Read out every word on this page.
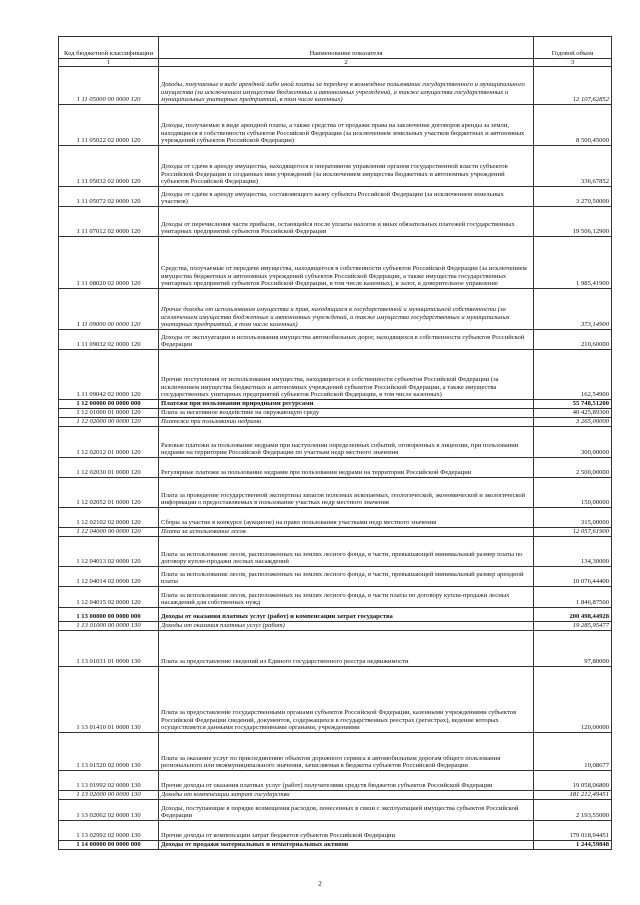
Код бюджетной классификации	Наименование показателя	Годовой объем
1	2	3
1 11 05000 00 0000 120	Доходы, получаемые в виде арендной либо иной платы за передачу в возмездное пользование государственного и муниципального имущества (за исключением имущества бюджетных и автономных учреждений, а также имущества государственных и муниципальных унитарных предприятий, в том числе казенных)	12 107,62852
1 11 05022 02 0000 120	Доходы, получаемые в виде арендной платы, а также средства от продажи права на заключение договоров аренды за земли, находящиеся в собственности субъектов Российской Федерации (за исключением земельных участков бюджетных и автономных учреждений субъектов Российской Федерации)	8 500,45000
1 11 05032 02 0000 120	Доходы от сдачи в аренду имущества, находящегося в оперативном управлении органов государственной власти субъектов Российской Федерации и созданных ими учреждений (за исключением имущества бюджетных и автономных учреждений субъектов Российской Федерации)	336,67852
1 11 05072 02 0000 120	Доходы от сдачи в аренду имущества, составляющего казну субъекта Российской Федерации (за исключением земельных участков)	3 270,50000
1 11 07012 02 0000 120	Доходы от перечисления части прибыли, остающейся после уплаты налогов и иных обязательных платежей государственных унитарных предприятий субъектов Российской Федерации	19 506,12900
1 11 08020 02 0000 120	Средства, получаемые от передачи имущества, находящегося в собственности субъектов Российской Федерации (за исключением имущества бюджетных и автономных учреждений субъектов Российской Федерации, а также имущества государственных унитарных предприятий субъектов Российской Федерации, в том числе казенных), в залог, в доверительное управление	1 985,41900
1 11 09000 00 0000 120	Прочие доходы от использования имущества и прав, находящихся в государственной и муниципальной собственности (за исключением имущества бюджетных и автономных учреждений, а также имущества государственных и муниципальных унитарных предприятий, в том числе казенных)	373,14900
1 11 09032 02 0000 120	Доходы от эксплуатации и использования имущества автомобильных дорог, находящихся в собственности субъектов Российской Федерации	210,60000
1 11 09042 02 0000 120	Прочие поступления от использования имущества, находящегося в собственности субъектов Российской Федерации (за исключением имущества бюджетных и автономных учреждений субъектов Российской Федерации, а также имущества государственных унитарных предприятий субъектов Российской Федерации, в том числе казенных)	162,54900
1 12 00000 00 0000 000	Платежи при пользовании природными ресурсами	55 748,51200
1 12 01000 01 0000 120	Плата за негативное воздействие на окружающую среду	40 425,89300
1 12 02000 00 0000 120	Платежи при пользовании недрами	3 265,00000
1 12 02012 01 0000 120	Разовые платежи за пользование недрами при наступлении определенных событий, оговоренных в лицензии, при пользовании недрами на территории Российской Федерации по участкам недр местного значения	300,00000
1 12 02030 01 0000 120	Регулярные платежи за пользование недрами при пользовании недрами на территории Российской Федерации	2 500,00000
1 12 02052 01 0000 120	Плата за проведение государственной экспертизы запасов полезных ископаемых, геологической, экономической и экологической информации о предоставляемых в пользование участках недр местного значения	150,00000
1 12 02102 02 0000 120	Сборы за участие в конкурсе (аукционе) на право пользования участками недр местного значения	315,00000
1 12 04000 00 0000 120	Плата за использование лесов	12 057,61900
1 12 04013 02 0000 120	Плата за использование лесов, расположенных на землях лесного фонда, в части, превышающей минимальный размер платы по договору купли-продажи лесных насаждений	134,30000
1 12 04014 02 0000 120	Плата за использование лесов, расположенных на землях лесного фонда, в части, превышающей минимальный размер арендной платы	10 076,44400
1 12 04015 02 0000 120	Плата за использование лесов, расположенных на землях лесного фонда, в части платы по договору купли-продажи лесных насаждений для собственных нужд	1 846,87500
1 13 00000 00 0000 000	Доходы от оказания платных услуг (работ) и компенсации затрат государства	200 498,44928
1 13 01000 00 0000 130	Доходы от оказания платных услуг (работ)	19 285,95477
1 13 01031 01 0000 130	Плата за предоставление сведений из Единого государственного реестра недвижимости	97,80000
1 13 01410 01 0000 130	Плата за предоставление государственными органами субъектов Российской Федерации, казенными учреждениями субъектов Российской Федерации сведений, документов, содержащихся в государственных реестрах (регистрах), ведение которых осуществляется данными государственными органами, учреждениями	120,00000
1 13 01520 02 0000 130	Плата за оказание услуг по присоединению объектов дорожного сервиса к автомобильным дорогам общего пользования регионального или межмуниципального значения, зачисляемая в бюджеты субъектов Российской Федерации	10,08677
1 13 01992 02 0000 130	Прочие доходы от оказания платных услуг (работ) получателями средств бюджетов субъектов Российской Федерации	19 058,06800
1 13 02000 00 0000 130	Доходы от компенсации затрат государства	181 212,49451
1 13 02062 02 0000 130	Доходы, поступающие в порядке возмещения расходов, понесенных в связи с эксплуатацией имущества субъектов Российской Федерации	2 193,55000
1 13 02992 02 0000 130	Прочие доходы от компенсации затрат бюджетов субъектов Российской Федерации	179 018,94451
1 14 00000 00 0000 000	Доходы от продажи материальных и нематериальных активов	1 244,59848
2
